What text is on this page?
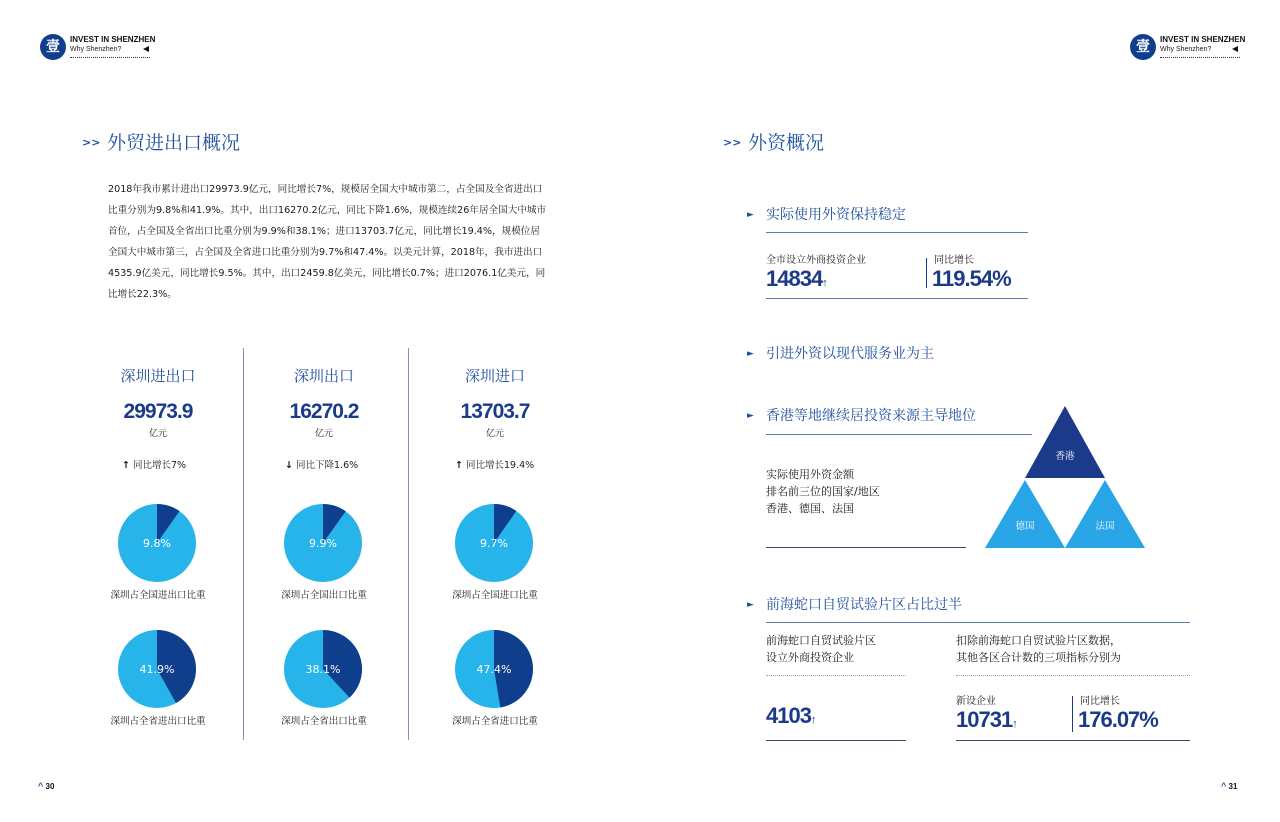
壹	INVEST IN SHENZHEN
Why Shenzhen?	壹	INVEST IN SHENZHEN
Why Shenzhen?
>> 外贸进出口概况
2018年我市累计进出口29973.9亿元，同比增长7%，规模居全国大中城市第二，占全国及全省进出口比重分别为9.8%和41.9%。其中，出口16270.2亿元，同比下降1.6%，规模连续26年居全国大中城市首位，占全国及全省出口比重分别为9.9%和38.1%；进口13703.7亿元，同比增长19.4%，规模位居全国大中城市第三，占全国及全省进口比重分别为9.7%和47.4%。以美元计算，2018年，我市进出口4535.9亿美元，同比增长9.5%。其中，出口2459.8亿美元，同比增长0.7%；进口2076.1亿美元，同比增长22.3%。
深圳进出口
29973.9
亿元
↑ 同比增长7%
深圳出口
16270.2
亿元
↓ 同比下降1.6%
深圳进口
13703.7
亿元
↑ 同比增长19.4%
9.8%	9.9%	9.7%
41.9%	38.1%	47.4%
深圳占全国进出口比重	深圳占全国出口比重	深圳占全国进口比重
深圳占全省进出口比重	深圳占全省出口比重	深圳占全省进口比重
^ 30
>> 外资概况
► 实际使用外资保持稳定
全市设立外商投资企业
14834↑
同比增长
119.54%
► 引进外资以现代服务业为主
► 香港等地继续居投资来源主导地位
实际使用外资金额
排名前三位的国家/地区
香港、德国、法国
香港
德国	法国
► 前海蛇口自贸试验片区占比过半
前海蛇口自贸试验片区
设立外商投资企业
4103↑
扣除前海蛇口自贸试验片区数据，
其他各区合计数的三项指标分别为
新设企业
10731↑
同比增长
176.07%
^ 31
